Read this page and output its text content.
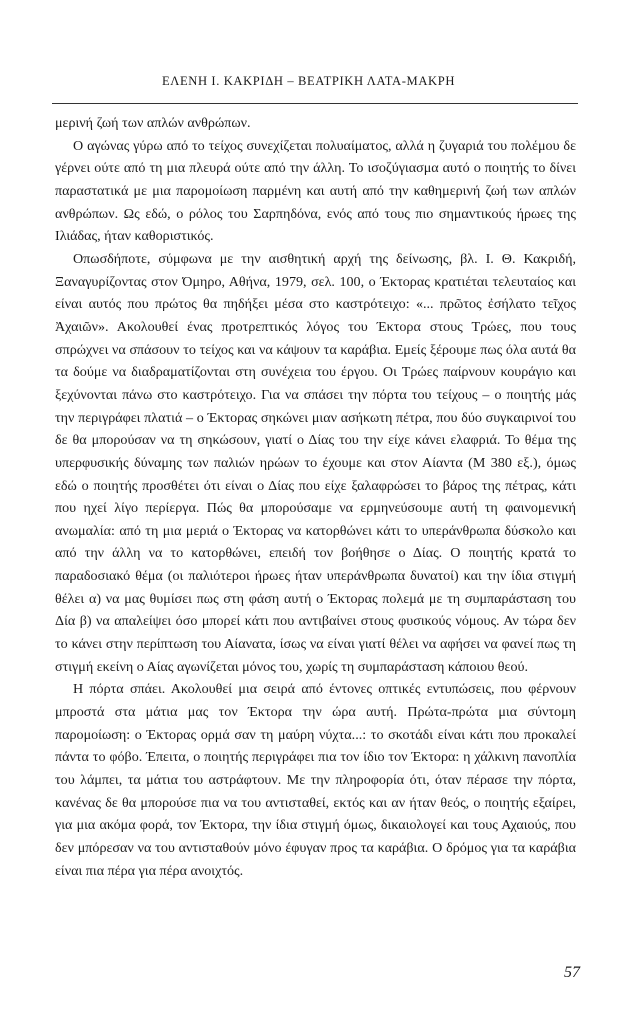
ΕΛΕΝΗ Ι. ΚΑΚΡΙΔΗ – ΒΕΑΤΡΙΚΗ ΛΑΤΑ-ΜΑΚΡΗ

μερινή ζωή των απλών ανθρώπων.

Ο αγώνας γύρω από το τείχος συνεχίζεται πολυαίματος, αλλά η ζυγαριά του πολέμου δε γέρνει ούτε από τη μια πλευρά ούτε από την άλλη. Το ισοζύγιασμα αυτό ο ποιητής το δίνει παραστατικά με μια παρομοίωση παρμένη και αυτή από την καθημερινή ζωή των απλών ανθρώπων. Ως εδώ, ο ρόλος του Σαρπηδόνα, ενός από τους πιο σημαντικούς ήρωες της Ιλιάδας, ήταν καθοριστικός.

Οπωσδήποτε, σύμφωνα με την αισθητική αρχή της δείνωσης, βλ. Ι. Θ. Κακριδή, Ξαναγυρίζοντας στον Όμηρο, Αθήνα, 1979, σελ. 100, ο Έκτορας κρατιέται τελευταίος και είναι αυτός που πρώτος θα πηδήξει μέσα στο καστρότειχο: «... πρῶτος ἐσήλατο τεῖχος Ἀχαιῶν». Ακολουθεί ένας προτρεπτικός λόγος του Έκτορα στους Τρώες, που τους σπρώχνει να σπάσουν το τείχος και να κάψουν τα καράβια. Εμείς ξέρουμε πως όλα αυτά θα τα δούμε να διαδραματίζονται στη συνέχεια του έργου. Οι Τρώες παίρνουν κουράγιο και ξεχύνονται πάνω στο καστρότειχο. Για να σπάσει την πόρτα του τείχους – ο ποιητής μάς την περιγράφει πλατιά – ο Έκτορας σηκώνει μιαν ασήκωτη πέτρα, που δύο συγκαιρινοί του δε θα μπορούσαν να τη σηκώσουν, γιατί ο Δίας του την είχε κάνει ελαφριά. Το θέμα της υπερφυσικής δύναμης των παλιών ηρώων το έχουμε και στον Αίαντα (Μ 380 εξ.), όμως εδώ ο ποιητής προσθέτει ότι είναι ο Δίας που είχε ξαλαφρώσει το βάρος της πέτρας, κάτι που ηχεί λίγο περίεργα. Πώς θα μπορούσαμε να ερμηνεύσουμε αυτή τη φαινομενική ανωμαλία: από τη μια μεριά ο Έκτορας να κατορθώνει κάτι το υπεράνθρωπα δύσκολο και από την άλλη να το κατορθώνει, επειδή τον βοήθησε ο Δίας. Ο ποιητής κρατά το παραδοσιακό θέμα (οι παλιότεροι ήρωες ήταν υπεράνθρωπα δυνατοί) και την ίδια στιγμή θέλει α) να μας θυμίσει πως στη φάση αυτή ο Έκτορας πολεμά με τη συμπαράσταση του Δία β) να απαλείψει όσο μπορεί κάτι που αντιβαίνει στους φυσικούς νόμους. Αν τώρα δεν το κάνει στην περίπτωση του Αίανατα, ίσως να είναι γιατί θέλει να αφήσει να φανεί πως τη στιγμή εκείνη ο Αίας αγωνίζεται μόνος του, χωρίς τη συμπαράσταση κάποιου θεού.

Η πόρτα σπάει. Ακολουθεί μια σειρά από έντονες οπτικές εντυπώσεις, που φέρνουν μπροστά στα μάτια μας τον Έκτορα την ώρα αυτή. Πρώτα-πρώτα μια σύντομη παρομοίωση: ο Έκτορας ορμά σαν τη μαύρη νύχτα...: το σκοτάδι είναι κάτι που προκαλεί πάντα το φόβο. Έπειτα, ο ποιητής περιγράφει πια τον ίδιο τον Έκτορα: η χάλκινη πανοπλία του λάμπει, τα μάτια του αστράφτουν. Με την πληροφορία ότι, όταν πέρασε την πόρτα, κανένας δε θα μπορούσε πια να του αντισταθεί, εκτός και αν ήταν θεός, ο ποιητής εξαίρει, για μια ακόμα φορά, τον Έκτορα, την ίδια στιγμή όμως, δικαιολογεί και τους Αχαιούς, που δεν μπόρεσαν να του αντισταθούν μόνο έφυγαν προς τα καράβια. Ο δρόμος για τα καράβια είναι πια πέρα για πέρα ανοιχτός.

57
